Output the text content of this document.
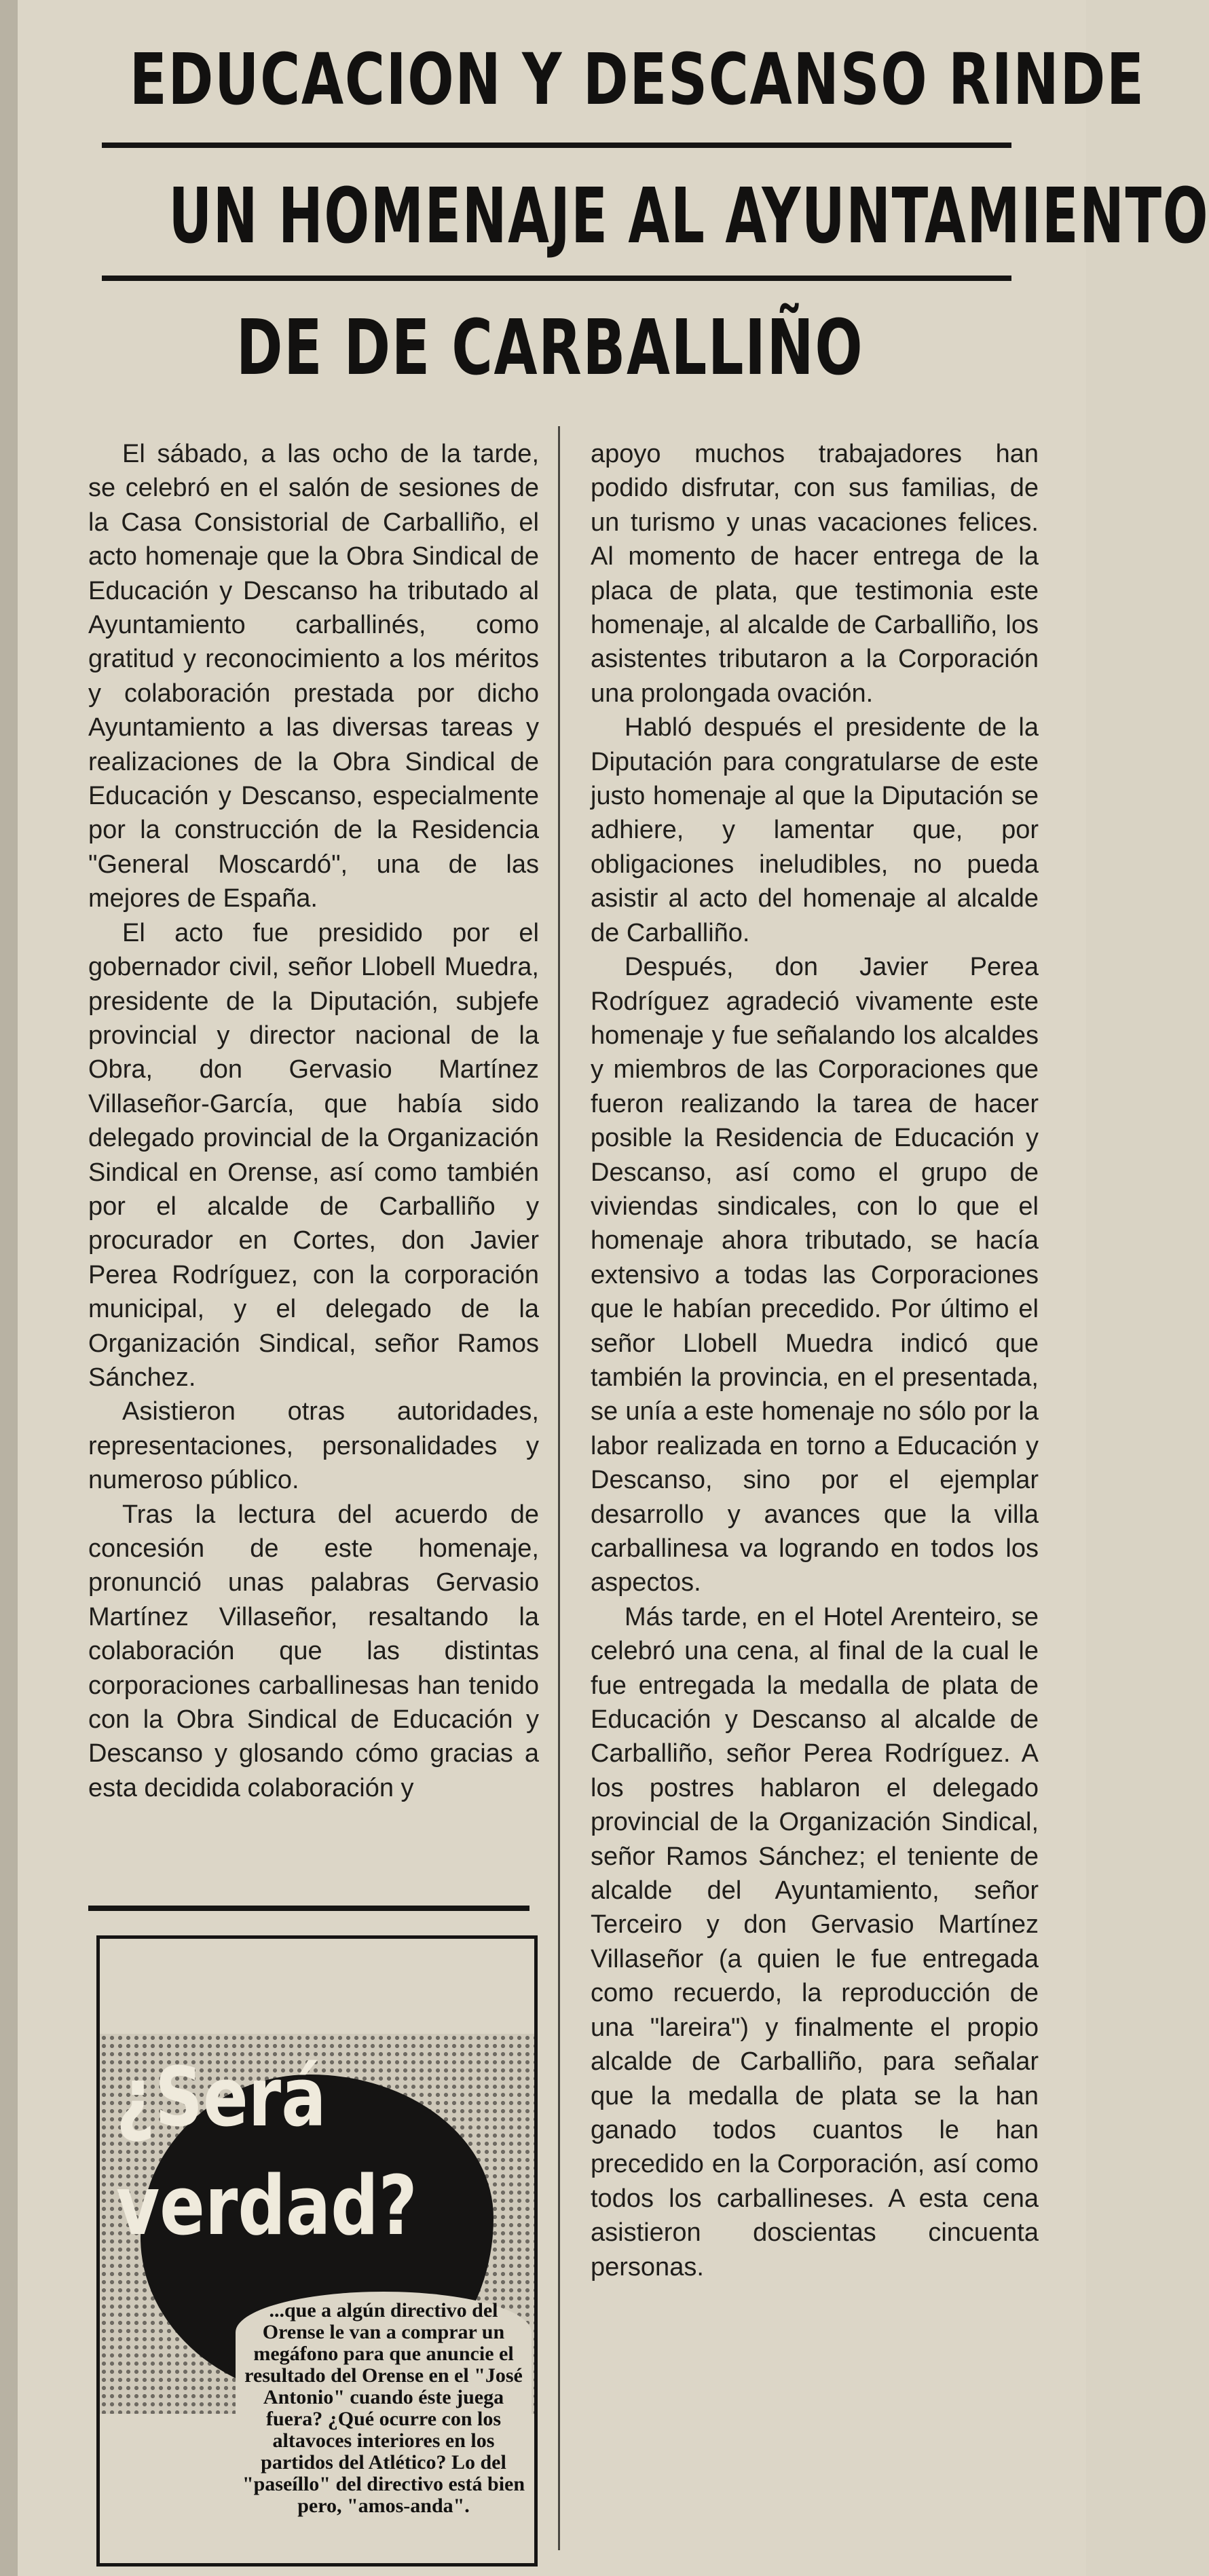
EDUCACION Y DESCANSO RINDE
UN HOMENAJE AL AYUNTAMIENTO
DE DE CARBALLIÑO

El sábado, a las ocho de la tarde, se celebró en el salón de sesiones de la Casa Consistorial de Carballiño, el acto homenaje que la Obra Sindical de Educación y Descanso ha tributado al Ayuntamiento carballinés, como gratitud y reconocimiento a los méritos y colaboración prestada por dicho Ayuntamiento a las diversas tareas y realizaciones de la Obra Sindical de Educación y Descanso, especialmente por la construcción de la Residencia "General Moscardó", una de las mejores de España.

El acto fue presidido por el gobernador civil, señor Llobell Muedra, presidente de la Diputación, subjefe provincial y director nacional de la Obra, don Gervasio Martínez Villaseñor-García, que había sido delegado provincial de la Organización Sindical en Orense, así como también por el alcalde de Carballiño y procurador en Cortes, don Javier Perea Rodríguez, con la corporación municipal, y el delegado de la Organización Sindical, señor Ramos Sánchez.

Asistieron otras autoridades, representaciones, personalidades y numeroso público.

Tras la lectura del acuerdo de concesión de este homenaje, pronunció unas palabras Gervasio Martínez Villaseñor, resaltando la colaboración que las distintas corporaciones carballinesas han tenido con la Obra Sindical de Educación y Descanso y glosando cómo gracias a esta decidida colaboración y

apoyo muchos trabajadores han podido disfrutar, con sus familias, de un turismo y unas vacaciones felices. Al momento de hacer entrega de la placa de plata, que testimonia este homenaje, al alcalde de Carballiño, los asistentes tributaron a la Corporación una prolongada ovación.

Habló después el presidente de la Diputación para congratularse de este justo homenaje al que la Diputación se adhiere, y lamentar que, por obligaciones ineludibles, no pueda asistir al acto del homenaje al alcalde de Carballiño.

Después, don Javier Perea Rodríguez agradeció vivamente este homenaje y fue señalando los alcaldes y miembros de las Corporaciones que fueron realizando la tarea de hacer posible la Residencia de Educación y Descanso, así como el grupo de viviendas sindicales, con lo que el homenaje ahora tributado, se hacía extensivo a todas las Corporaciones que le habían precedido. Por último el señor Llobell Muedra indicó que también la provincia, en el presentada, se unía a este homenaje no sólo por la labor realizada en torno a Educación y Descanso, sino por el ejemplar desarrollo y avances que la villa carballinesa va logrando en todos los aspectos.

Más tarde, en el Hotel Arenteiro, se celebró una cena, al final de la cual le fue entregada la medalla de plata de Educación y Descanso al alcalde de Carballiño, señor Perea Rodríguez. A los postres hablaron el delegado provincial de la Organización Sindical, señor Ramos Sánchez; el teniente de alcalde del Ayuntamiento, señor Terceiro y don Gervasio Martínez Villaseñor (a quien le fue entregada como recuerdo, la reproducción de una "lareira") y finalmente el propio alcalde de Carballiño, para señalar que la medalla de plata se la han ganado todos cuantos le han precedido en la Corporación, así como todos los carballineses. A esta cena asistieron doscientas cincuenta personas.

¿Será
verdad?
...que a algún directivo del Orense le van a comprar un megáfono para que anuncie el resultado del Orense en el "José Antonio" cuando éste juega fuera? ¿Qué ocurre con los altavoces interiores en los partidos del Atlético? Lo del "paseíllo" del directivo está bien pero, "amos-anda".
